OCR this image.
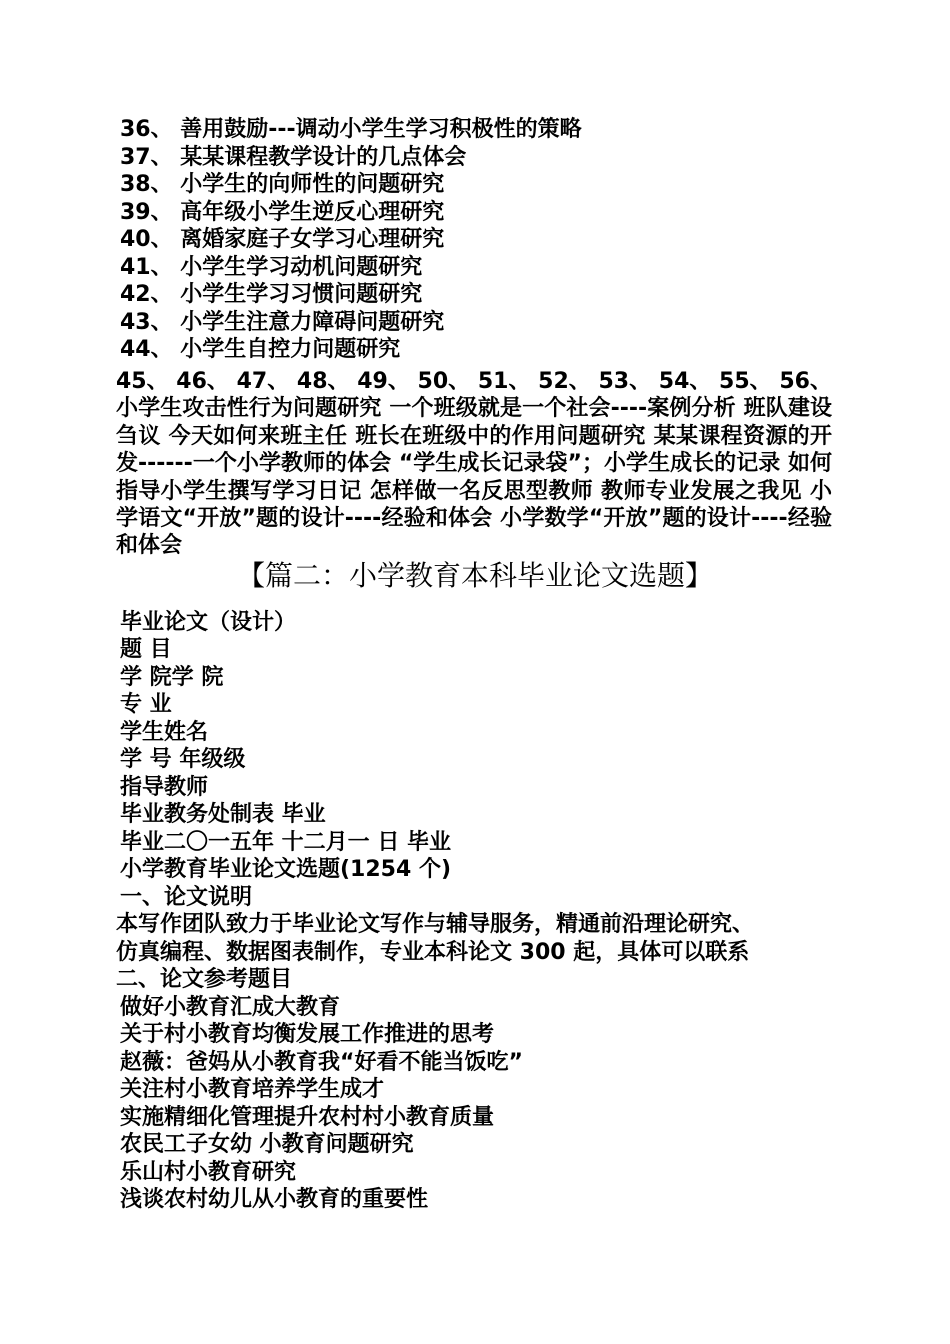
36、 善用鼓励---调动小学生学习积极性的策略

37、 某某课程教学设计的几点体会

38、 小学生的向师性的问题研究

39、 高年级小学生逆反心理研究

40、 离婚家庭子女学习心理研究

41、 小学生学习动机问题研究

42、 小学生学习习惯问题研究

43、 小学生注意力障碍问题研究

44、 小学生自控力问题研究

45、 46、 47、 48、 49、 50、 51、 52、 53、 54、 55、 56、 小学生攻击性行为问题研究 一个班级就是一个社会----案例分析 班队建设刍议 今天如何来班主任 班长在班级中的作用问题研究 某某课程资源的开发------一个小学教师的体会 “学生成长记录袋”；小学生成长的记录 如何指导小学生撰写学习日记 怎样做一名反思型教师 教师专业发展之我见 小学语文“开放”题的设计----经验和体会 小学数学“开放”题的设计----经验和体会

【篇二：小学教育本科毕业论文选题】

毕业论文（设计）

题 目

学 院学 院

专 业

学生姓名

学 号 年级级

指导教师

毕业教务处制表 毕业

毕业二〇一五年 十二月一 日 毕业

小学教育毕业论文选题(1254 个)

一、论文说明

本写作团队致力于毕业论文写作与辅导服务，精通前沿理论研究、

仿真编程、数据图表制作，专业本科论文 300 起，具体可以联系

二、论文参考题目

做好小教育汇成大教育

关于村小教育均衡发展工作推进的思考

赵薇：爸妈从小教育我“好看不能当饭吃”

关注村小教育培养学生成才

实施精细化管理提升农村村小教育质量

农民工子女幼 小教育问题研究

乐山村小教育研究

浅谈农村幼儿从小教育的重要性
